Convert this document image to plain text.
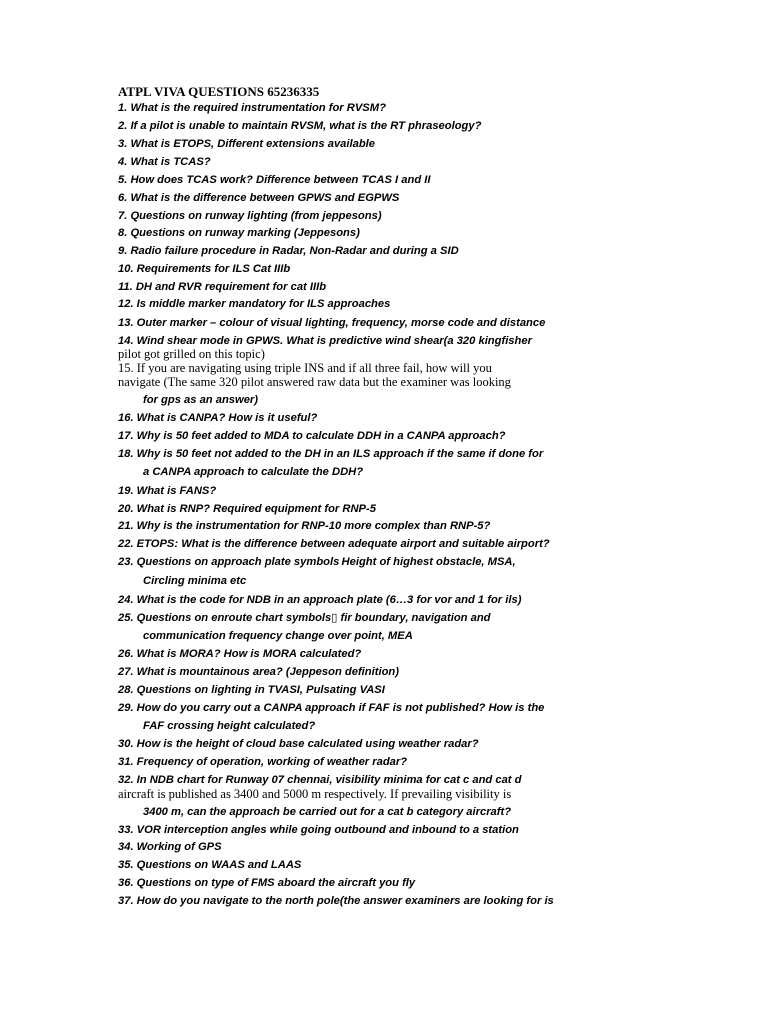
ATPL VIVA QUESTIONS 65236335
1. What is the required instrumentation for RVSM?
2. If a pilot is unable to maintain RVSM, what is the RT phraseology?
3. What is ETOPS, Different extensions available
4. What is TCAS?
5. How does TCAS work? Difference between TCAS I and II
6. What is the difference between GPWS and EGPWS
7. Questions on runway lighting (from jeppesons)
8. Questions on runway marking (Jeppesons)
9. Radio failure procedure in Radar, Non-Radar and during a SID
10. Requirements for ILS Cat IIIb
11. DH and RVR requirement for cat IIIb
12. Is middle marker mandatory for ILS approaches
13. Outer marker – colour of visual lighting, frequency, morse code and distance
14. Wind shear mode in GPWS. What is predictive wind shear(a 320 kingfisher
pilot got grilled on this topic)
15. If you are navigating using triple INS and if all three fail, how will you
navigate (The same 320 pilot answered raw data but the examiner was looking
for gps as an answer)
16. What is CANPA? How is it useful?
17. Why is 50 feet added to MDA to calculate DDH in a CANPA approach?
18. Why is 50 feet not added to the DH in an ILS approach if the same if done for
a CANPA approach to calculate the DDH?
19. What is FANS?
20. What is RNP? Required equipment for RNP-5
21. Why is the instrumentation for RNP-10 more complex than RNP-5?
22. ETOPS: What is the difference between adequate airport and suitable airport?
23. Questions on approach plate symbols Height of highest obstacle, MSA,
Circling minima etc
24. What is the code for NDB in an approach plate (6…3 for vor and 1 for ils)
25. Questions on enroute chart symbols▯ fir boundary, navigation and
communication frequency change over point, MEA
26. What is MORA? How is MORA calculated?
27. What is mountainous area? (Jeppeson definition)
28. Questions on lighting in TVASI, Pulsating VASI
29. How do you carry out a CANPA approach if FAF is not published? How is the
FAF crossing height calculated?
30. How is the height of cloud base calculated using weather radar?
31. Frequency of operation, working of weather radar?
32. In NDB chart for Runway 07 chennai, visibility minima for cat c and cat d
aircraft is published as 3400 and 5000 m respectively. If prevailing visibility is
3400 m, can the approach be carried out for a cat b category aircraft?
33. VOR interception angles while going outbound and inbound to a station
34. Working of GPS
35. Questions on WAAS and LAAS
36. Questions on type of FMS aboard the aircraft you fly
37. How do you navigate to the north pole(the answer examiners are looking for is
